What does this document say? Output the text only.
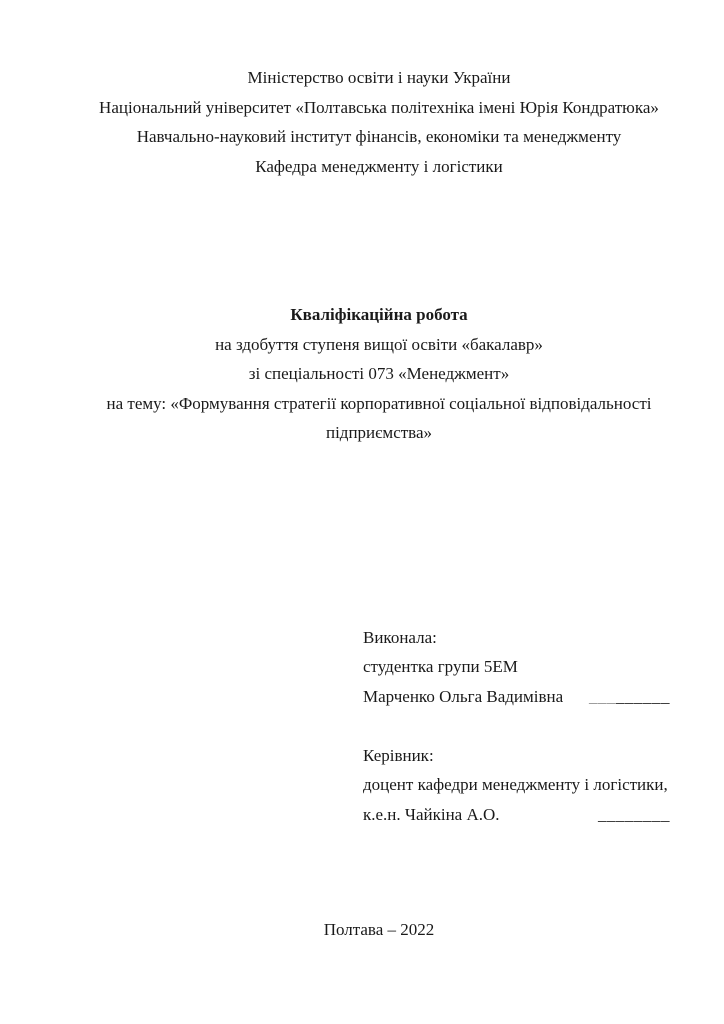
Міністерство освіти і науки України
Національний університет «Полтавська політехніка імені Юрія Кондратюка»
Навчально-науковий інститут фінансів, економіки та менеджменту
Кафедра менеджменту і логістики
Кваліфікаційна робота
на здобуття ступеня вищої освіти «бакалавр»
зі спеціальності 073 «Менеджмент»
на тему: «Формування стратегії корпоративної соціальної відповідальності
підприємства»
Виконала:
студентка групи 5ЕМ
Марченко Ольга Вадимівна _________
Керівник:
доцент кафедри менеджменту і логістики,
к.е.н. Чайкіна А.О.	________
Полтава – 2022
